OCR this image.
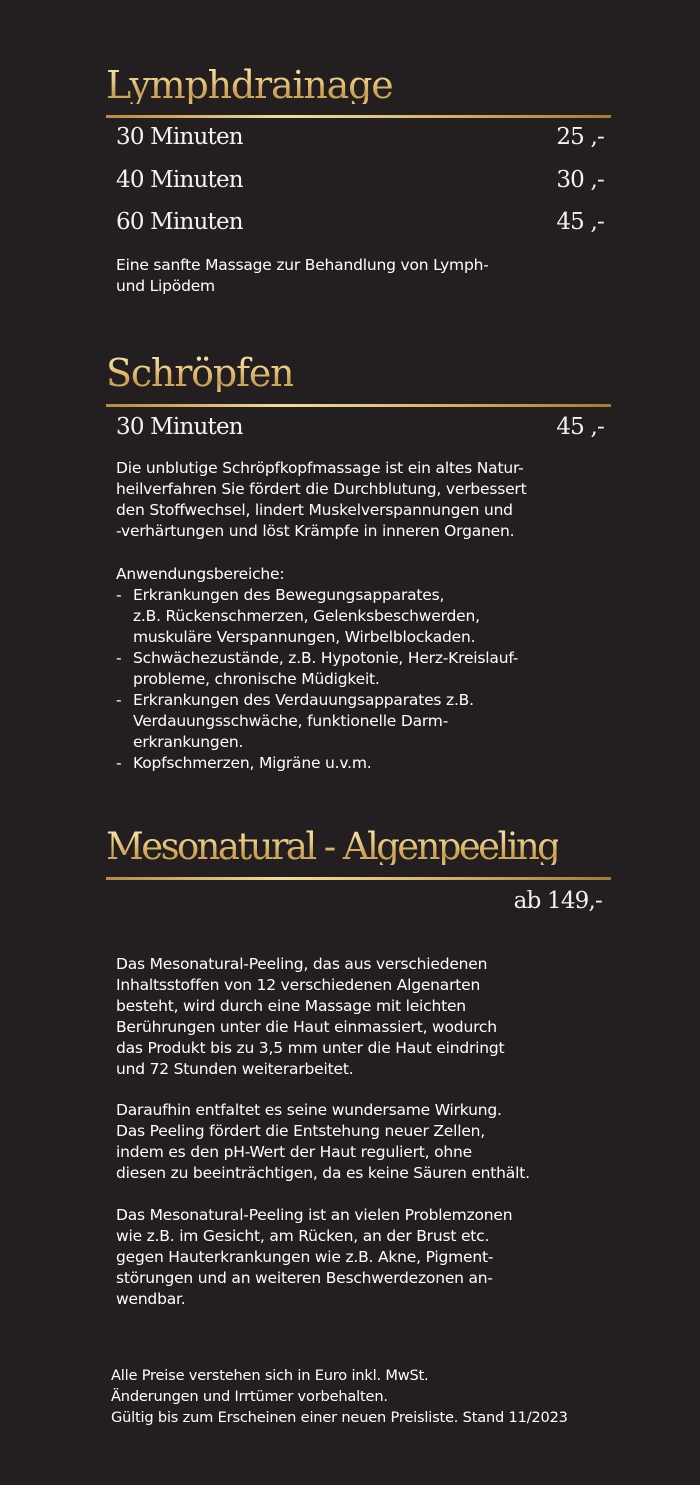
Lymphdrainage
30 Minuten	25 ,-
40 Minuten	30 ,-
60 Minuten	45 ,-

Eine sanfte Massage zur Behandlung von Lymph-
und Lipödem

Schröpfen
30 Minuten	45 ,-

Die unblutige Schröpfkopfmassage ist ein altes Natur-
heilverfahren Sie fördert die Durchblutung, verbessert
den Stoffwechsel, lindert Muskelverspannungen und
-verhärtungen und löst Krämpfe in inneren Organen.

Anwendungsbereiche:

- Erkrankungen des Bewegungsapparates,
z.B. Rückenschmerzen, Gelenksbeschwerden,
muskuläre Verspannungen, Wirbelblockaden.
- Schwächezustände, z.B. Hypotonie, Herz-Kreislauf-
probleme, chronische Müdigkeit.
- Erkrankungen des Verdauungsapparates z.B.
Verdauungsschwäche, funktionelle Darm-
erkrankungen.
- Kopfschmerzen, Migräne u.v.m.
Mesonatural - Algenpeeling
ab 149,-

Das Mesonatural-Peeling, das aus verschiedenen
Inhaltsstoffen von 12 verschiedenen Algenarten
besteht, wird durch eine Massage mit leichten
Berührungen unter die Haut einmassiert, wodurch
das Produkt bis zu 3,5 mm unter die Haut eindringt
und 72 Stunden weiterarbeitet.

Daraufhin entfaltet es seine wundersame Wirkung.
Das Peeling fördert die Entstehung neuer Zellen,
indem es den pH-Wert der Haut reguliert, ohne
diesen zu beeinträchtigen, da es keine Säuren enthält.

Das Mesonatural-Peeling ist an vielen Problemzonen
wie z.B. im Gesicht, am Rücken, an der Brust etc.
gegen Hauterkrankungen wie z.B. Akne, Pigment-
störungen und an weiteren Beschwerdezonen an-
wendbar.

Alle Preise verstehen sich in Euro inkl. MwSt.
Änderungen und Irrtümer vorbehalten.
Gültig bis zum Erscheinen einer neuen Preisliste. Stand 11/2023
